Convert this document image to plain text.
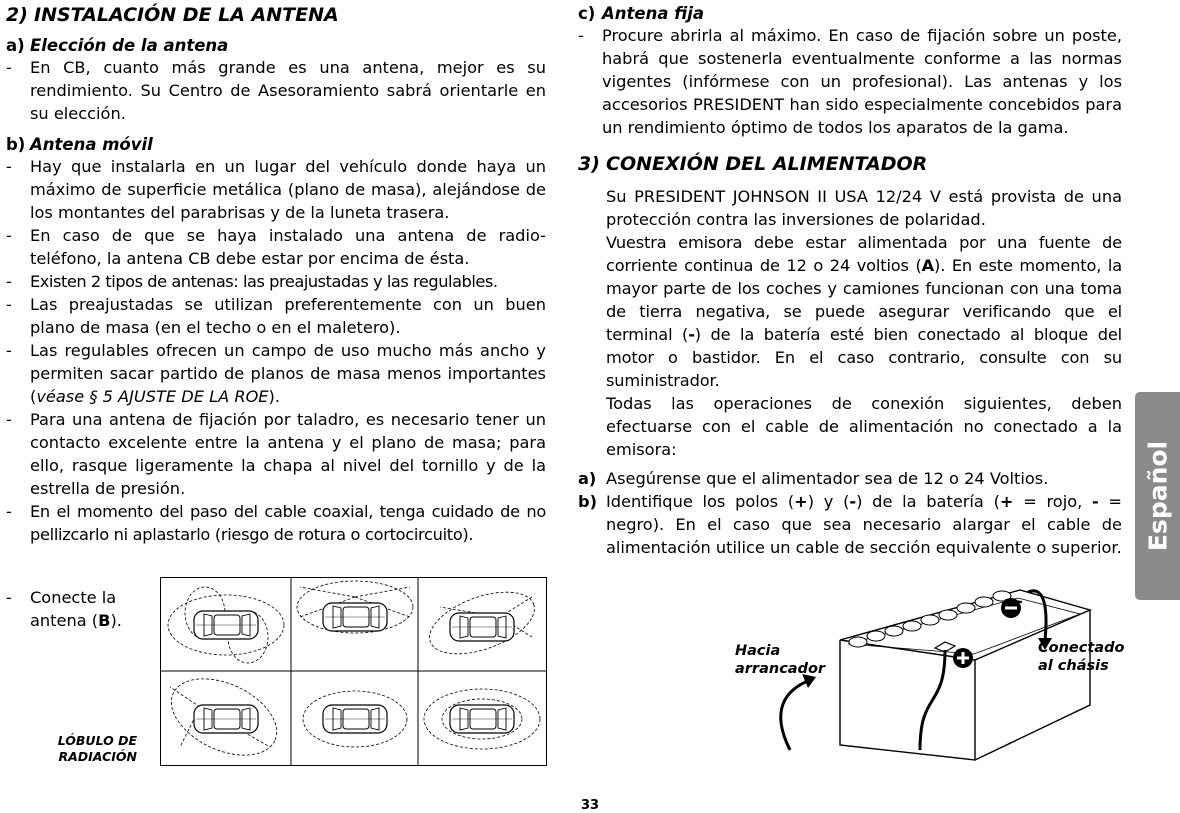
2) INSTALACIÓN DE LA ANTENA
a) Elección de la antena
- En CB, cuanto más grande es una antena, mejor es su rendimiento. Su Centro de Asesoramiento sabrá orientarle en su elección.
b) Antena móvil
- Hay que instalarla en un lugar del vehículo donde haya un máximo de superficie metálica (plano de masa), alejándose de los montantes del parabrisas y de la luneta trasera.
- En caso de que se haya instalado una antena de radio-teléfono, la antena CB debe estar por encima de ésta.
- Existen 2 tipos de antenas: las preajustadas y las regulables.
- Las preajustadas se utilizan preferentemente con un buen plano de masa (en el techo o en el maletero).
- Las regulables ofrecen un campo de uso mucho más ancho y permiten sacar partido de planos de masa menos importantes (véase § 5 AJUSTE DE LA ROE).
- Para una antena de fijación por taladro, es necesario tener un contacto excelente entre la antena y el plano de masa; para ello, rasque ligeramente la chapa al nivel del tornillo y de la estrella de presión.
- En el momento del paso del cable coaxial, tenga cuidado de no pellizcarlo ni aplastarlo (riesgo de rotura o cortocircuito).
- Conecte la antena (B).
LÓBULO DE
RADIACIÓN
c) Antena fija
- Procure abrirla al máximo. En caso de fijación sobre un poste, habrá que sostenerla eventualmente conforme a las normas vigentes (infórmese con un profesional). Las antenas y los accesorios PRESIDENT han sido especialmente concebidos para un rendimiento óptimo de todos los aparatos de la gama.
3) CONEXIÓN DEL ALIMENTADOR
Su PRESIDENT JOHNSON II USA 12/24 V está provista de una protección contra las inversiones de polaridad.
Vuestra emisora debe estar alimentada por una fuente de corriente continua de 12 o 24 voltios (A). En este momento, la mayor parte de los coches y camiones funcionan con una toma de tierra negativa, se puede asegurar verificando que el terminal (-) de la batería esté bien conectado al bloque del motor o bastidor. En el caso contrario, consulte con su suministrador.
Todas las operaciones de conexión siguientes, deben efectuarse con el cable de alimentación no conectado a la emisora:
a) Asegúrense que el alimentador sea de 12 o 24 Voltios.
b) Identifique los polos (+) y (-) de la batería (+ = rojo, - = negro). En el caso que sea necesario alargar el cable de alimentación utilice un cable de sección equivalente o superior.
Hacia
arrancador
Conectado
al chásis
Español
33
